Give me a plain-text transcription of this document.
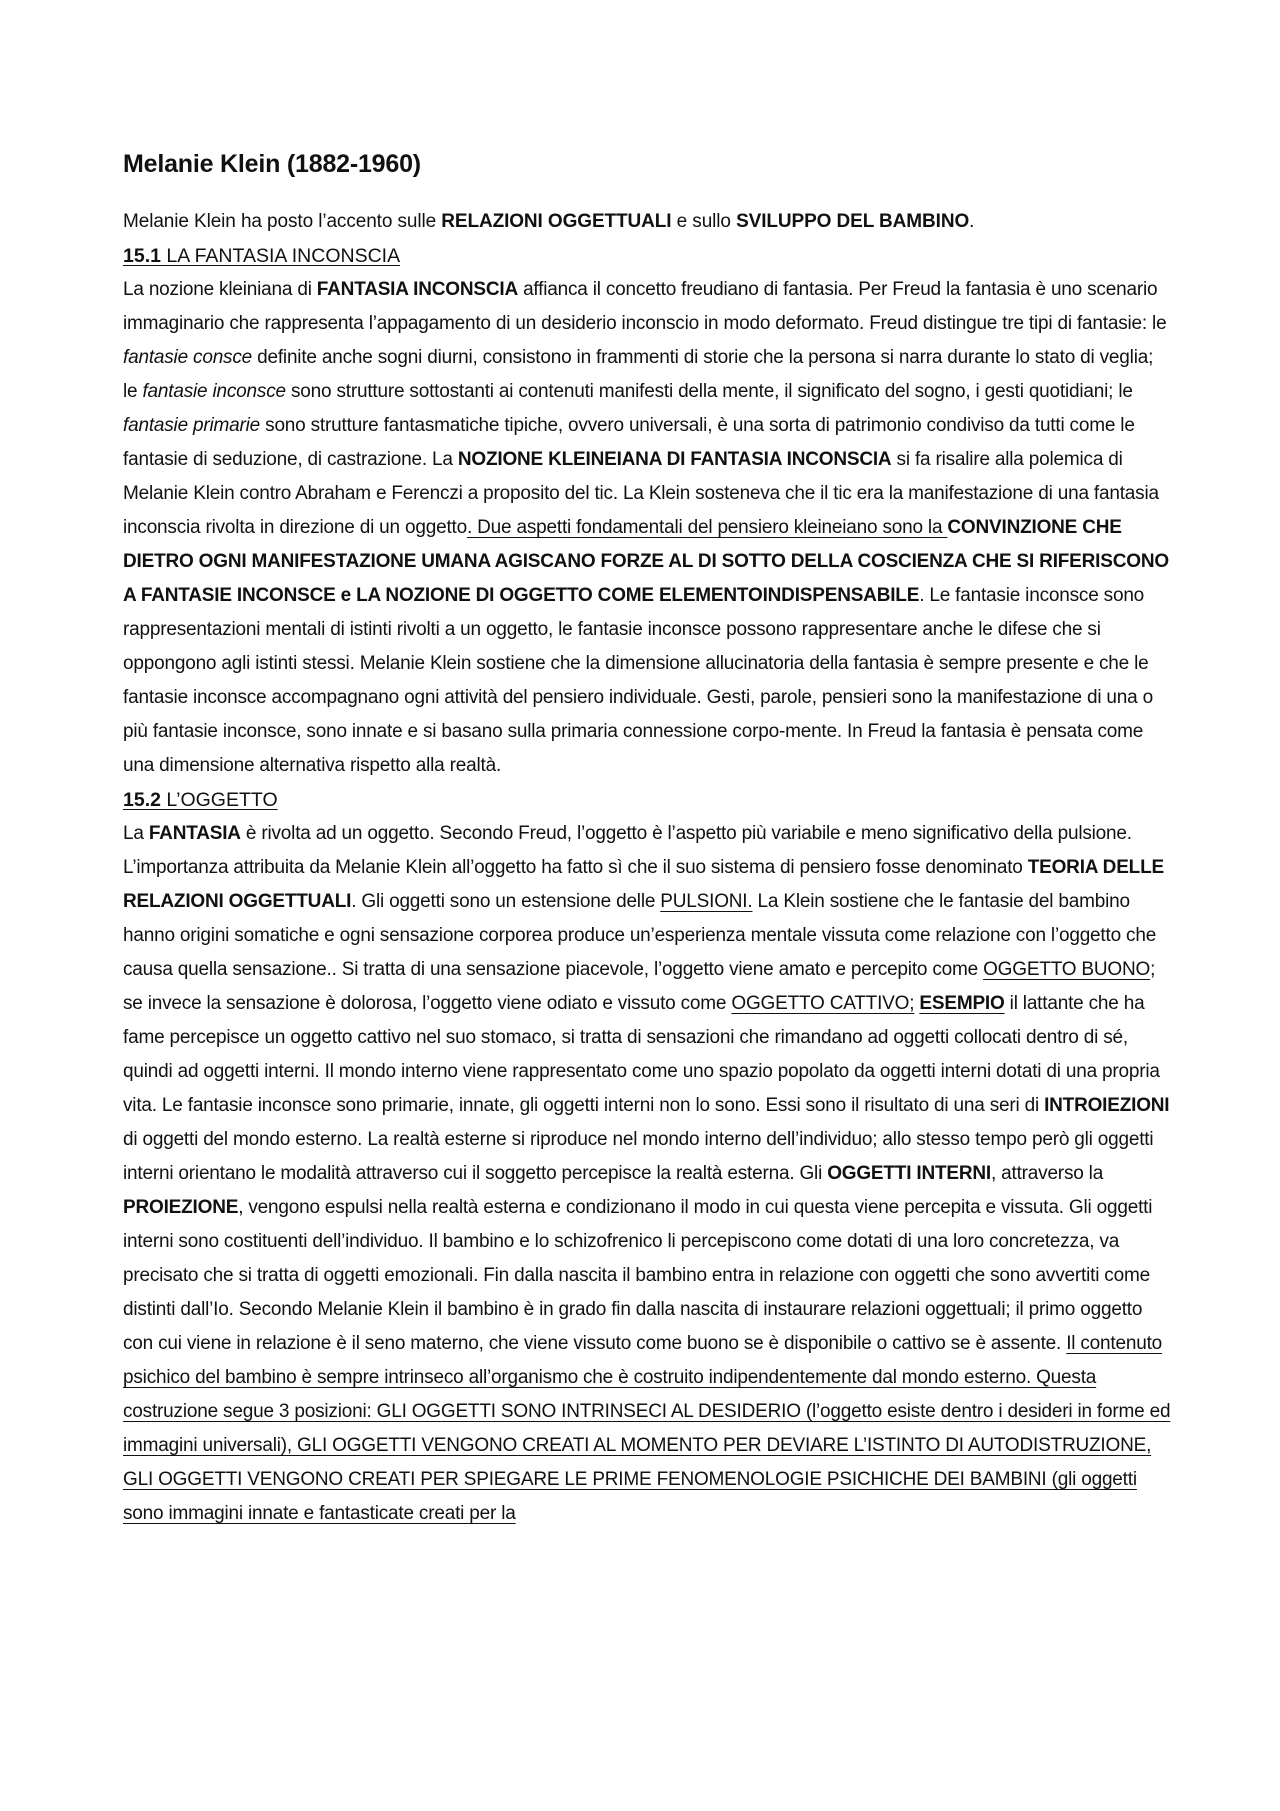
Melanie Klein (1882-1960)

Melanie Klein ha posto l’accento sulle RELAZIONI OGGETTUALI e sullo SVILUPPO DEL BAMBINO.

15.1 LA FANTASIA INCONSCIA

La nozione kleiniana di FANTASIA INCONSCIA affianca il concetto freudiano di fantasia. Per Freud la fantasia è uno scenario immaginario che rappresenta l’appagamento di un desiderio inconscio in modo deformato. Freud distingue tre tipi di fantasie: le fantasie consce definite anche sogni diurni, consistono in frammenti di storie che la persona si narra durante lo stato di veglia; le fantasie inconsce sono strutture sottostanti ai contenuti manifesti della mente, il significato del sogno, i gesti quotidiani; le fantasie primarie sono strutture fantasmatiche tipiche, ovvero universali, è una sorta di patrimonio condiviso da tutti come le fantasie di seduzione, di castrazione. La NOZIONE KLEINEIANA DI FANTASIA INCONSCIA si fa risalire alla polemica di Melanie Klein contro Abraham e Ferenczi a proposito del tic. La Klein sosteneva che il tic era la manifestazione di una fantasia inconscia rivolta in direzione di un oggetto. Due aspetti fondamentali del pensiero kleineiano sono la CONVINZIONE CHE DIETRO OGNI MANIFESTAZIONE UMANA AGISCANO FORZE AL DI SOTTO DELLA COSCIENZA CHE SI RIFERISCONO A FANTASIE INCONSCE e LA NOZIONE DI OGGETTO COME ELEMENTOINDISPENSABILE. Le fantasie inconsce sono rappresentazioni mentali di istinti rivolti a un oggetto, le fantasie inconsce possono rappresentare anche le difese che si oppongono agli istinti stessi. Melanie Klein sostiene che la dimensione allucinatoria della fantasia è sempre presente e che le fantasie inconsce accompagnano ogni attività del pensiero individuale. Gesti, parole, pensieri sono la manifestazione di una o più fantasie inconsce, sono innate e si basano sulla primaria connessione corpo-mente. In Freud la fantasia è pensata come una dimensione alternativa rispetto alla realtà.

15.2 L’OGGETTO

La FANTASIA è rivolta ad un oggetto. Secondo Freud, l’oggetto è l’aspetto più variabile e meno significativo della pulsione. L’importanza attribuita da Melanie Klein all’oggetto ha fatto sì che il suo sistema di pensiero fosse denominato TEORIA DELLE RELAZIONI OGGETTUALI. Gli oggetti sono un estensione delle PULSIONI. La Klein sostiene che le fantasie del bambino hanno origini somatiche e ogni sensazione corporea produce un’esperienza mentale vissuta come relazione con l’oggetto che causa quella sensazione.. Si tratta di una sensazione piacevole, l’oggetto viene amato e percepito come OGGETTO BUONO; se invece la sensazione è dolorosa, l’oggetto viene odiato e vissuto come OGGETTO CATTIVO; ESEMPIO il lattante che ha fame percepisce un oggetto cattivo nel suo stomaco, si tratta di sensazioni che rimandano ad oggetti collocati dentro di sé, quindi ad oggetti interni. Il mondo interno viene rappresentato come uno spazio popolato da oggetti interni dotati di una propria vita. Le fantasie inconsce sono primarie, innate, gli oggetti interni non lo sono. Essi sono il risultato di una seri di INTROIEZIONI di oggetti del mondo esterno. La realtà esterne si riproduce nel mondo interno dell’individuo; allo stesso tempo però gli oggetti interni orientano le modalità attraverso cui il soggetto percepisce la realtà esterna. Gli OGGETTI INTERNI, attraverso la PROIEZIONE, vengono espulsi nella realtà esterna e condizionano il modo in cui questa viene percepita e vissuta. Gli oggetti interni sono costituenti dell’individuo. Il bambino e lo schizofrenico li percepiscono come dotati di una loro concretezza, va precisato che si tratta di oggetti emozionali. Fin dalla nascita il bambino entra in relazione con oggetti che sono avvertiti come distinti dall’Io. Secondo Melanie Klein il bambino è in grado fin dalla nascita di instaurare relazioni oggettuali; il primo oggetto con cui viene in relazione è il seno materno, che viene vissuto come buono se è disponibile o cattivo se è assente. Il contenuto psichico del bambino è sempre intrinseco all’organismo che è costruito indipendentemente dal mondo esterno. Questa costruzione segue 3 posizioni: GLI OGGETTI SONO INTRINSECI AL DESIDERIO (l’oggetto esiste dentro i desideri in forme ed immagini universali), GLI OGGETTI VENGONO CREATI AL MOMENTO PER DEVIARE L’ISTINTO DI AUTODISTRUZIONE, GLI OGGETTI VENGONO CREATI PER SPIEGARE LE PRIME FENOMENOLOGIE PSICHICHE DEI BAMBINI (gli oggetti sono immagini innate e fantasticate creati per la
